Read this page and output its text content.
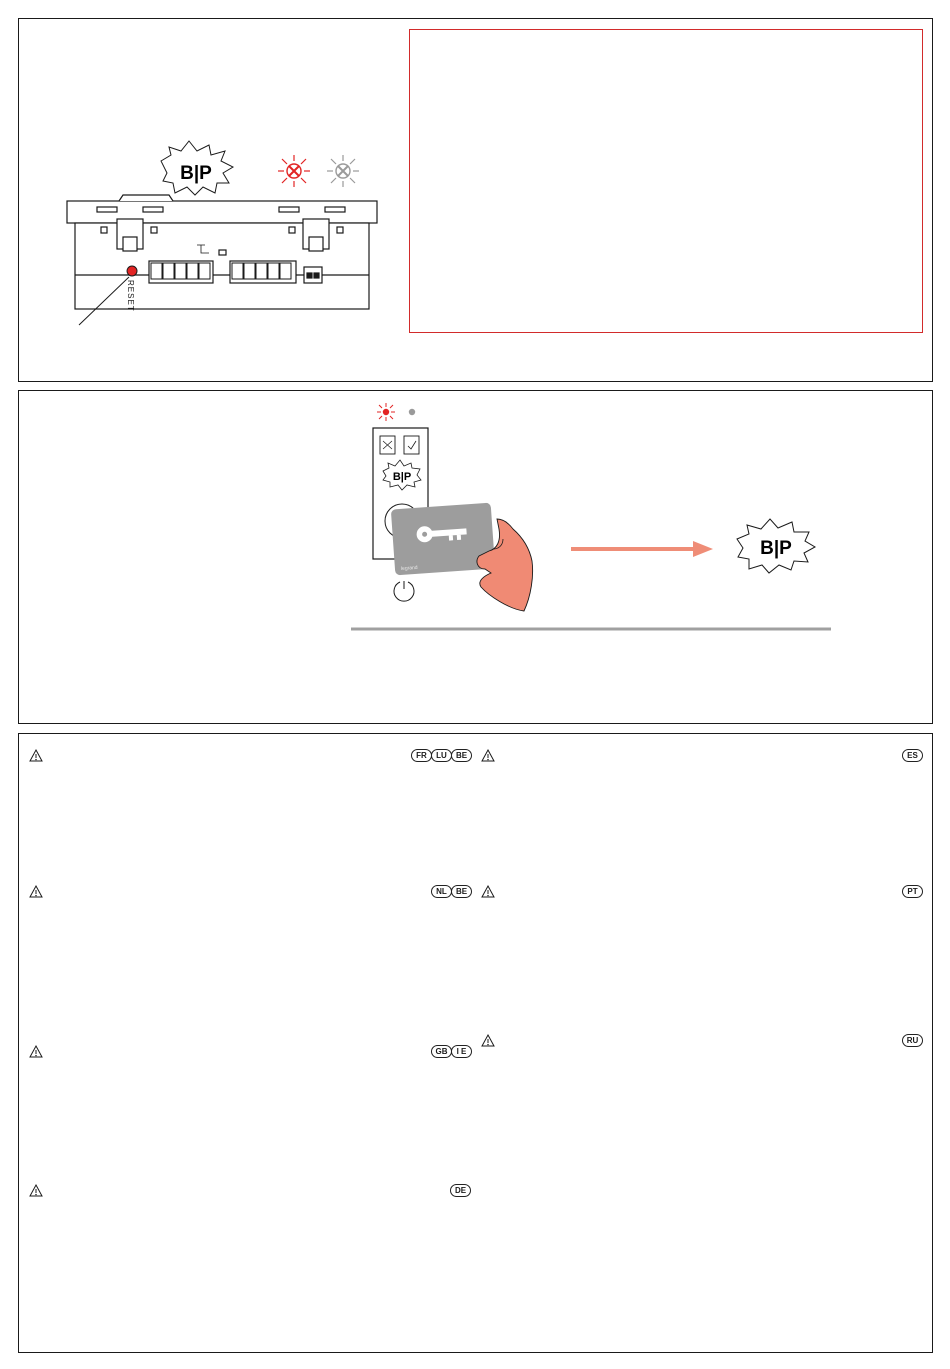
B|P
RESET
B|P
legrand
B|P
FR	LU	BE	ES
NL	BE	PT
RU
GB	I E
DE
